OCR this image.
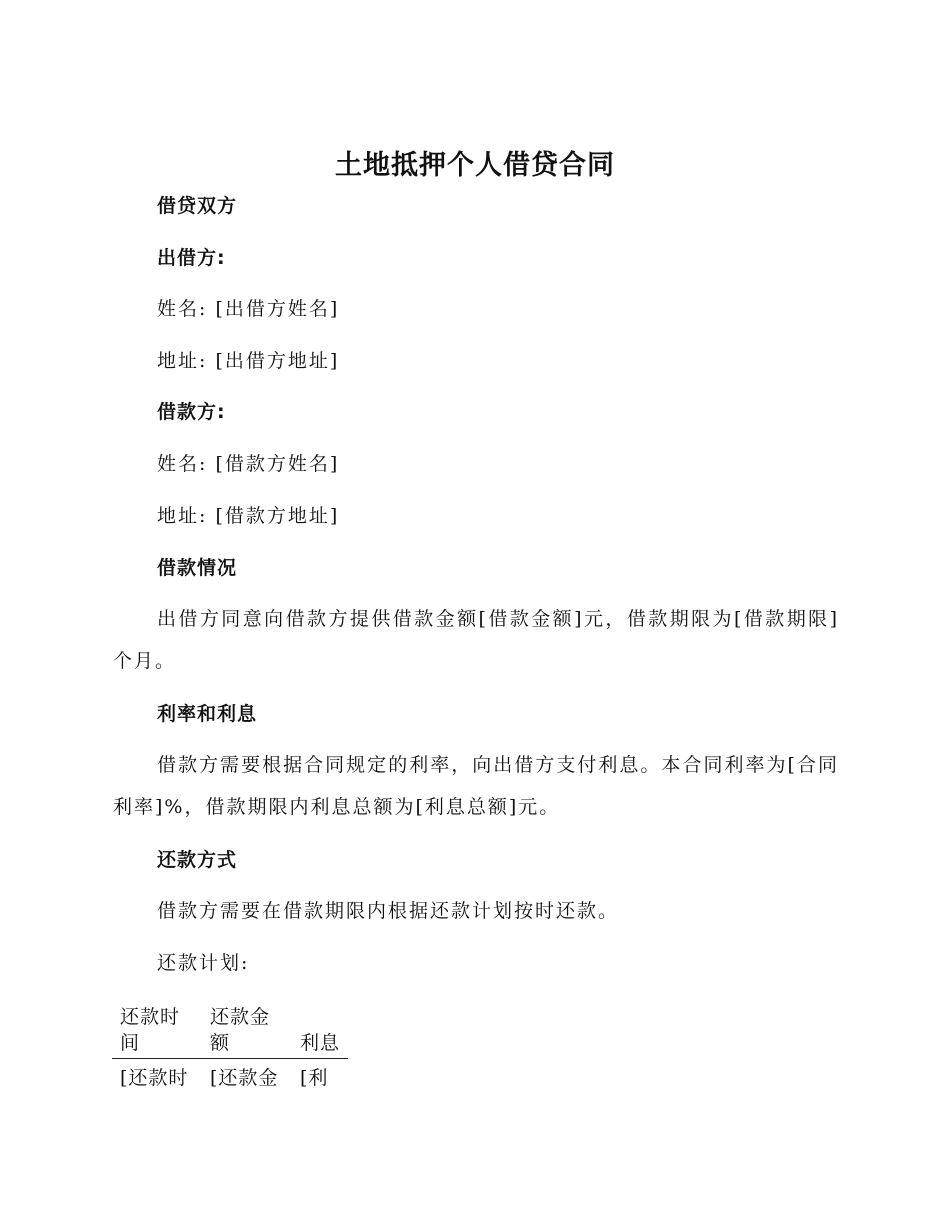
土地抵押个人借贷合同

借贷双方

出借方:

姓名: [出借方姓名]

地址: [出借方地址]

借款方:

姓名: [借款方姓名]

地址: [借款方地址]

借款情况

出借方同意向借款方提供借款金额[借款金额]元，借款期限为[借款期限]个月。

利率和利息

借款方需要根据合同规定的利率，向出借方支付利息。本合同利率为[合同利率]%，借款期限内利息总额为[利息总额]元。

还款方式

借款方需要在借款期限内根据还款计划按时还款。

还款计划:

还款时间	还款金额	利息
[还款时	[还款金	[利
